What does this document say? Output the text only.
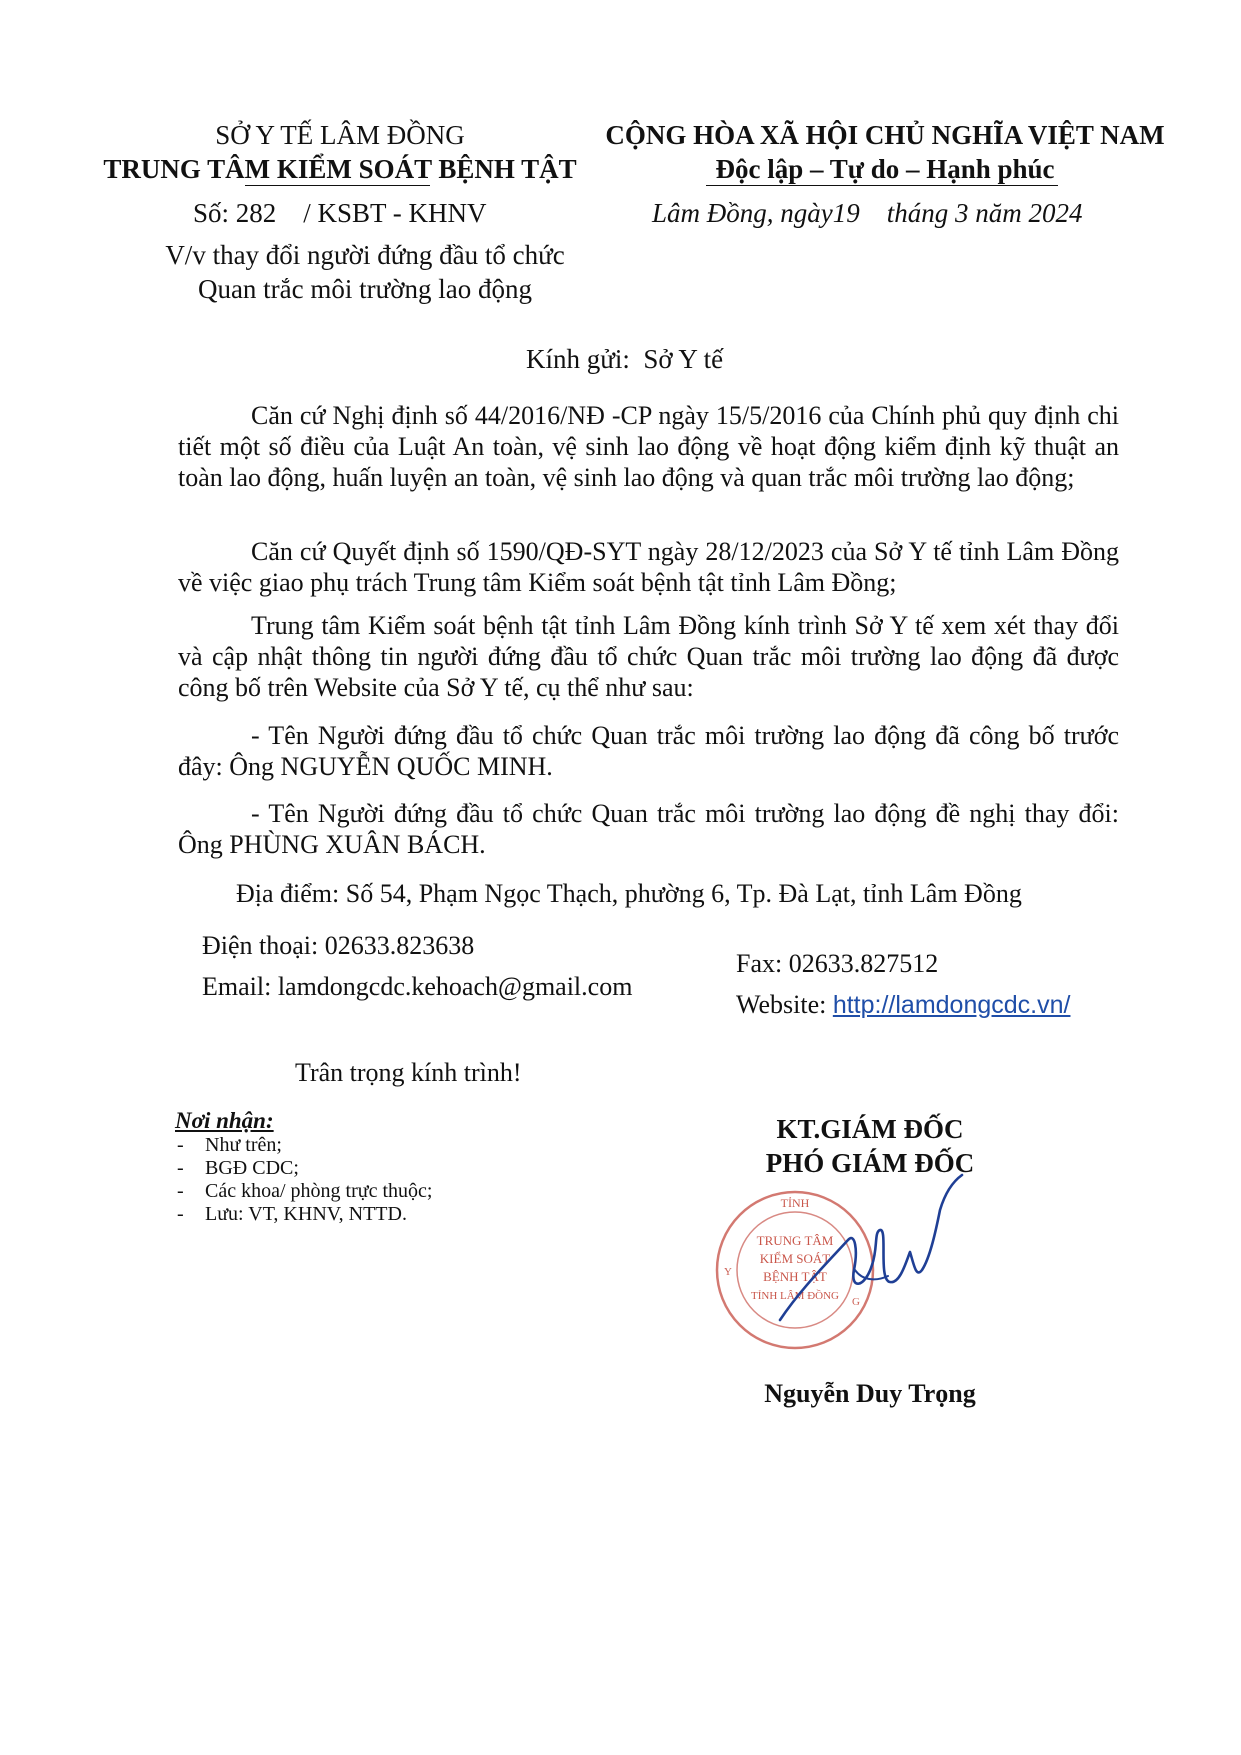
SỞ Y TẾ LÂM ĐỒNG
TRUNG TÂM KIỂM SOÁT BỆNH TẬT
Số: 282    / KSBT - KHNV
V/v thay đổi người đứng đầu tổ chức
Quan trắc môi trường lao động
CỘNG HÒA XÃ HỘI CHỦ NGHĨA VIỆT NAM
Độc lập – Tự do – Hạnh phúc
Lâm Đồng, ngày19    tháng 3 năm 2024
Kính gửi:  Sở Y tế
Căn cứ Nghị định số 44/2016/NĐ -CP ngày 15/5/2016 của Chính phủ quy định chi tiết một số điều của Luật An toàn, vệ sinh lao động về hoạt động kiểm định kỹ thuật an toàn lao động, huấn luyện an toàn, vệ sinh lao động và quan trắc môi trường lao động;
Căn cứ Quyết định số 1590/QĐ-SYT ngày 28/12/2023 của Sở Y tế tỉnh Lâm Đồng về việc giao phụ trách Trung tâm Kiểm soát bệnh tật tỉnh Lâm Đồng;
Trung tâm Kiểm soát bệnh tật tỉnh Lâm Đồng kính trình Sở Y tế xem xét thay đổi và cập nhật thông tin người đứng đầu tổ chức Quan trắc môi trường lao động đã được công bố trên Website của Sở Y tế, cụ thể như sau:
- Tên Người đứng đầu tổ chức Quan trắc môi trường lao động đã công bố trước đây: Ông NGUYỄN QUỐC MINH.
- Tên Người đứng đầu tổ chức Quan trắc môi trường lao động đề nghị thay đổi: Ông PHÙNG XUÂN BÁCH.
Địa điểm: Số 54, Phạm Ngọc Thạch, phường 6, Tp. Đà Lạt, tỉnh Lâm Đồng
Điện thoại: 02633.823638
Email: lamdongcdc.kehoach@gmail.com
Fax: 02633.827512
Website: http://lamdongcdc.vn/
Trân trọng kính trình!
Nơi nhận:
- Như trên;
- BGĐ CDC;
- Các khoa/ phòng trực thuộc;
- Lưu: VT, KHNV, NTTD.
KT.GIÁM ĐỐC
PHÓ GIÁM ĐỐC
TỈNH
TRUNG TÂM
KIỂM SOÁT
BỆNH TẬT
TỈNH LÂM ĐỒNG
Y
G
Nguyễn Duy Trọng
